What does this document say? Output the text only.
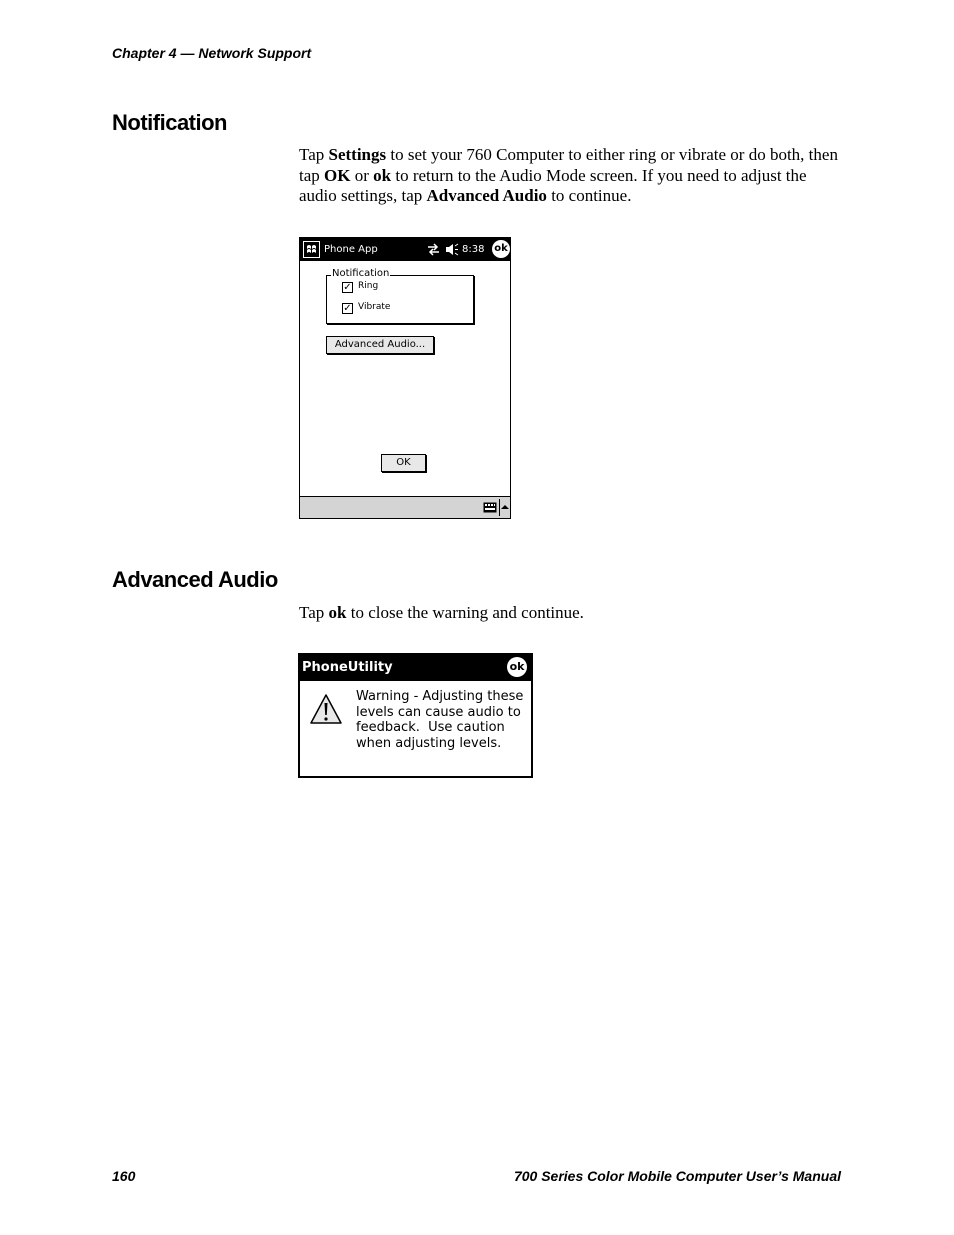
Chapter 4 — Network Support
Notification
Tap Settings to set your 760 Computer to either ring or vibrate or do both, then tap OK or ok to return to the Audio Mode screen. If you need to adjust the audio settings, tap Advanced Audio to continue.
Phone App	8:38 ok
Notification
✓ Ring
✓ Vibrate
Advanced Audio...
OK
Advanced Audio
Tap ok to close the warning and continue.
PhoneUtility	ok
Warning - Adjusting these
levels can cause audio to
feedback.  Use caution
when adjusting levels.
160	700 Series Color Mobile Computer User’s Manual
